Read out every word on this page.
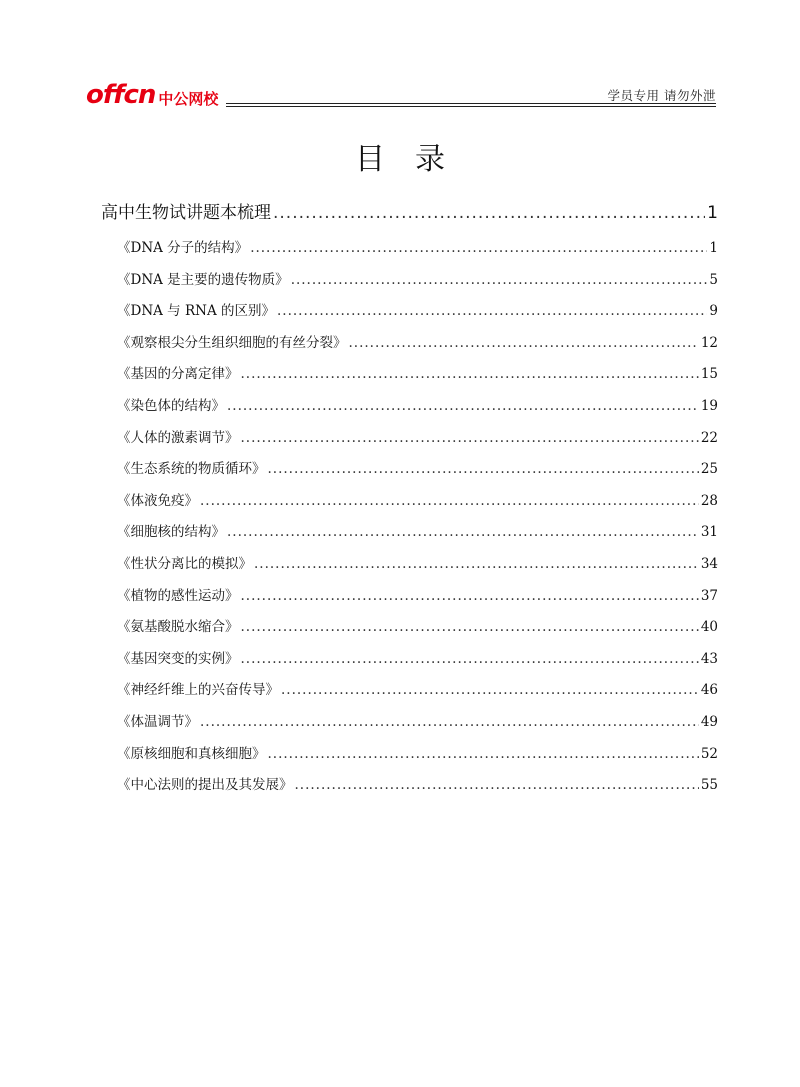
offcn 中公网校	学员专用 请勿外泄
目录
高中生物试讲题本梳理 .....	1
《DNA 分子的结构》 .....	1
《DNA 是主要的遗传物质》 .....	5
《DNA 与 RNA 的区别》 .....	9
《观察根尖分生组织细胞的有丝分裂》 .....	12
《基因的分离定律》 .....	15
《染色体的结构》 .....	19
《人体的激素调节》 .....	22
《生态系统的物质循环》 .....	25
《体液免疫》 .....	28
《细胞核的结构》 .....	31
《性状分离比的模拟》 .....	34
《植物的感性运动》 .....	37
《氨基酸脱水缩合》 .....	40
《基因突变的实例》 .....	43
《神经纤维上的兴奋传导》 .....	46
《体温调节》 .....	49
《原核细胞和真核细胞》 .....	52
《中心法则的提出及其发展》 .....	55
